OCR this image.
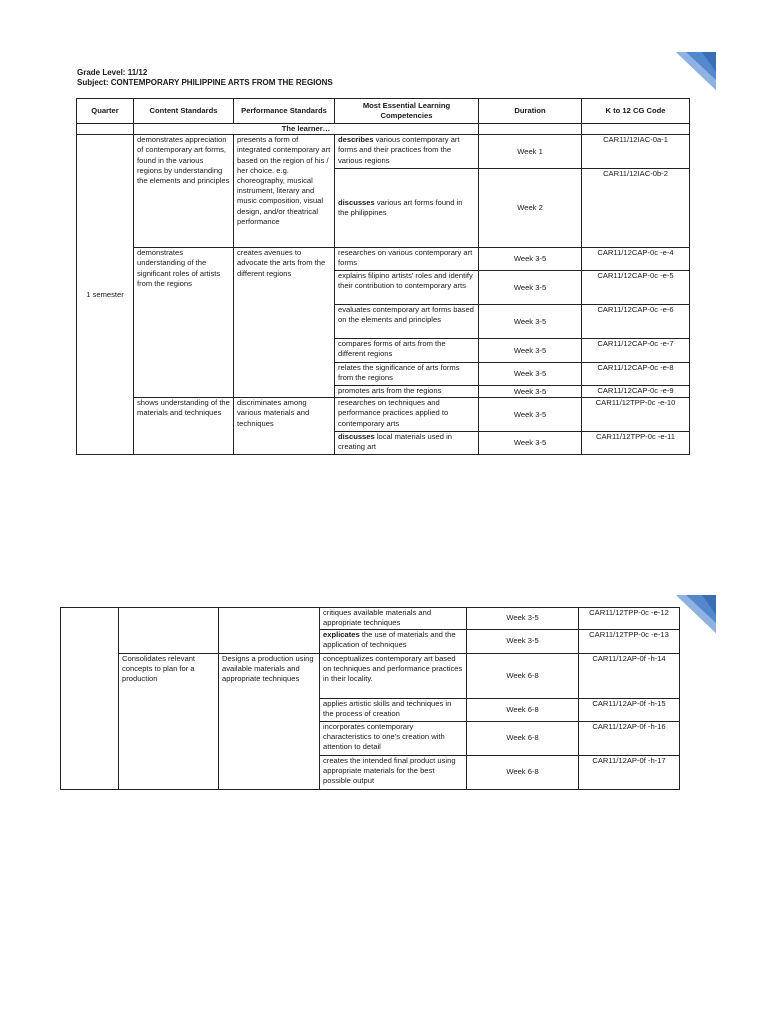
Grade Level: 11/12
Subject: CONTEMPORARY PHILIPPINE ARTS FROM THE REGIONS
Quarter	Content Standards	Performance Standards	Most Essential Learning Competencies	Duration	K to 12 CG Code
	The learner…				
1 semester	demonstrates appreciation of contemporary art forms, found in the various regions by understanding the elements and principles	presents a form of integrated contemporary art based on the region of his / her choice. e.g. choreography, musical instrument, literary and music composition, visual design, and/or theatrical performance	describes various contemporary art forms and their practices from the various regions	Week 1	CAR11/12IAC-0a-1
			discusses various art forms found in the philippines	Week 2	CAR11/12IAC-0b-2
	demonstrates understanding of the significant roles of artists from the regions	creates avenues to advocate the arts from the different regions	researches on various contemporary art forms	Week 3-5	CAR11/12CAP-0c -e-4
			explains filipino artists' roles and identify their contribution to contemporary arts	Week 3-5	CAR11/12CAP-0c -e-5
			evaluates contemporary art forms based on the elements and principles	Week 3-5	CAR11/12CAP-0c -e-6
			compares forms of arts from the different regions	Week 3-5	CAR11/12CAP-0c -e-7
			relates the significance of arts forms from the regions	Week 3-5	CAR11/12CAP-0c -e-8
			promotes arts from the regions	Week 3-5	CAR11/12CAP-0c -e-9
	shows understanding of the materials and techniques	discriminates among various materials and techniques	researches on techniques and performance practices applied to contemporary arts	Week 3-5	CAR11/12TPP-0c -e-10
			discusses local materials used in creating art	Week 3-5	CAR11/12TPP-0c -e-11
			critiques available materials and appropriate techniques	Week 3-5	CAR11/12TPP-0c -e-12
			explicates the use of materials and the application of techniques	Week 3-5	CAR11/12TPP-0c -e-13
	Consolidates relevant concepts to plan for a production	Designs a production using available materials and appropriate techniques	conceptualizes contemporary art based on techniques and performance practices in their locality.	Week 6-8	CAR11/12AP-0f -h-14
			applies artistic skills and techniques in the process of creation	Week 6-8	CAR11/12AP-0f -h-15
			incorporates contemporary characteristics to one's creation with attention to detail	Week 6-8	CAR11/12AP-0f -h-16
			creates the intended final product using appropriate materials for the best possible output	Week 6-8	CAR11/12AP-0f -h-17
